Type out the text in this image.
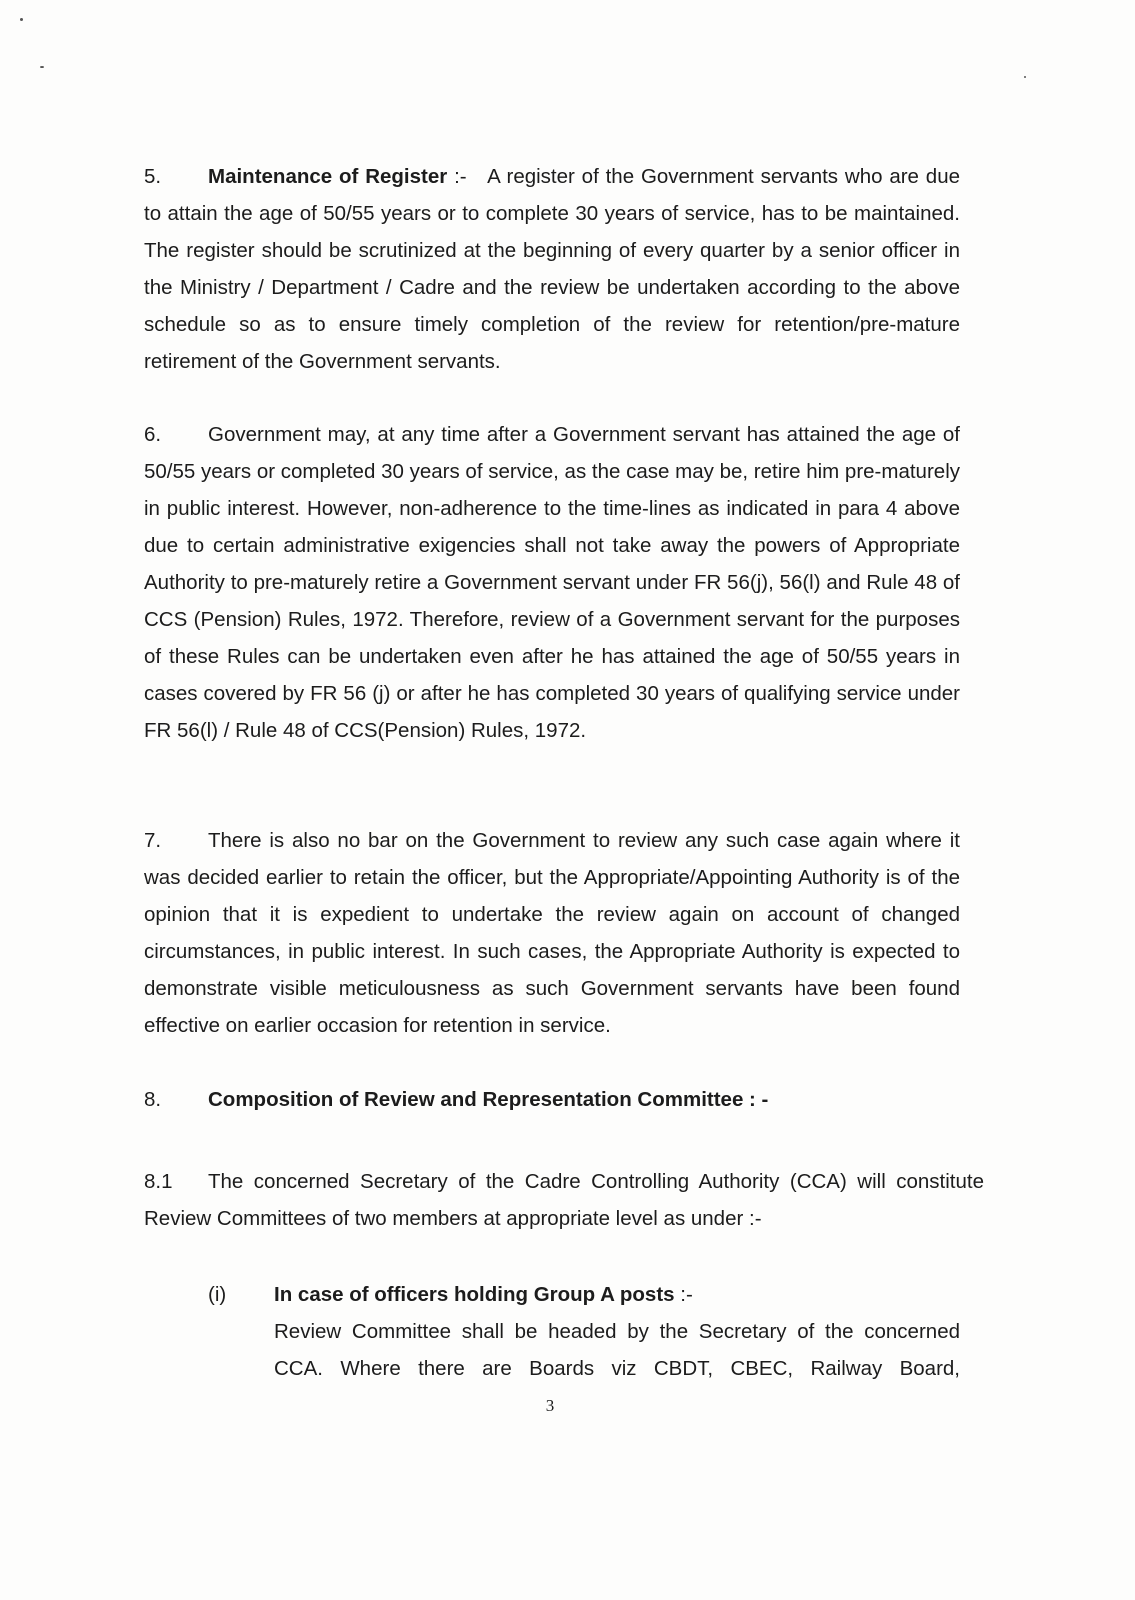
5. Maintenance of Register :- A register of the Government servants who are due to attain the age of 50/55 years or to complete 30 years of service, has to be maintained. The register should be scrutinized at the beginning of every quarter by a senior officer in the Ministry / Department / Cadre and the review be undertaken according to the above schedule so as to ensure timely completion of the review for retention/pre-mature retirement of the Government servants.
6. Government may, at any time after a Government servant has attained the age of 50/55 years or completed 30 years of service, as the case may be, retire him pre-maturely in public interest. However, non-adherence to the time-lines as indicated in para 4 above due to certain administrative exigencies shall not take away the powers of Appropriate Authority to pre-maturely retire a Government servant under FR 56(j), 56(l) and Rule 48 of CCS (Pension) Rules, 1972. Therefore, review of a Government servant for the purposes of these Rules can be undertaken even after he has attained the age of 50/55 years in cases covered by FR 56 (j) or after he has completed 30 years of qualifying service under FR 56(l) / Rule 48 of CCS(Pension) Rules, 1972.
7. There is also no bar on the Government to review any such case again where it was decided earlier to retain the officer, but the Appropriate/Appointing Authority is of the opinion that it is expedient to undertake the review again on account of changed circumstances, in public interest. In such cases, the Appropriate Authority is expected to demonstrate visible meticulousness as such Government servants have been found effective on earlier occasion for retention in service.
8. Composition of Review and Representation Committee : -
8.1 The concerned Secretary of the Cadre Controlling Authority (CCA) will constitute Review Committees of two members at appropriate level as under :-
(i) In case of officers holding Group A posts :-
Review Committee shall be headed by the Secretary of the concerned
CCA. Where there are Boards viz CBDT, CBEC, Railway Board,
3
